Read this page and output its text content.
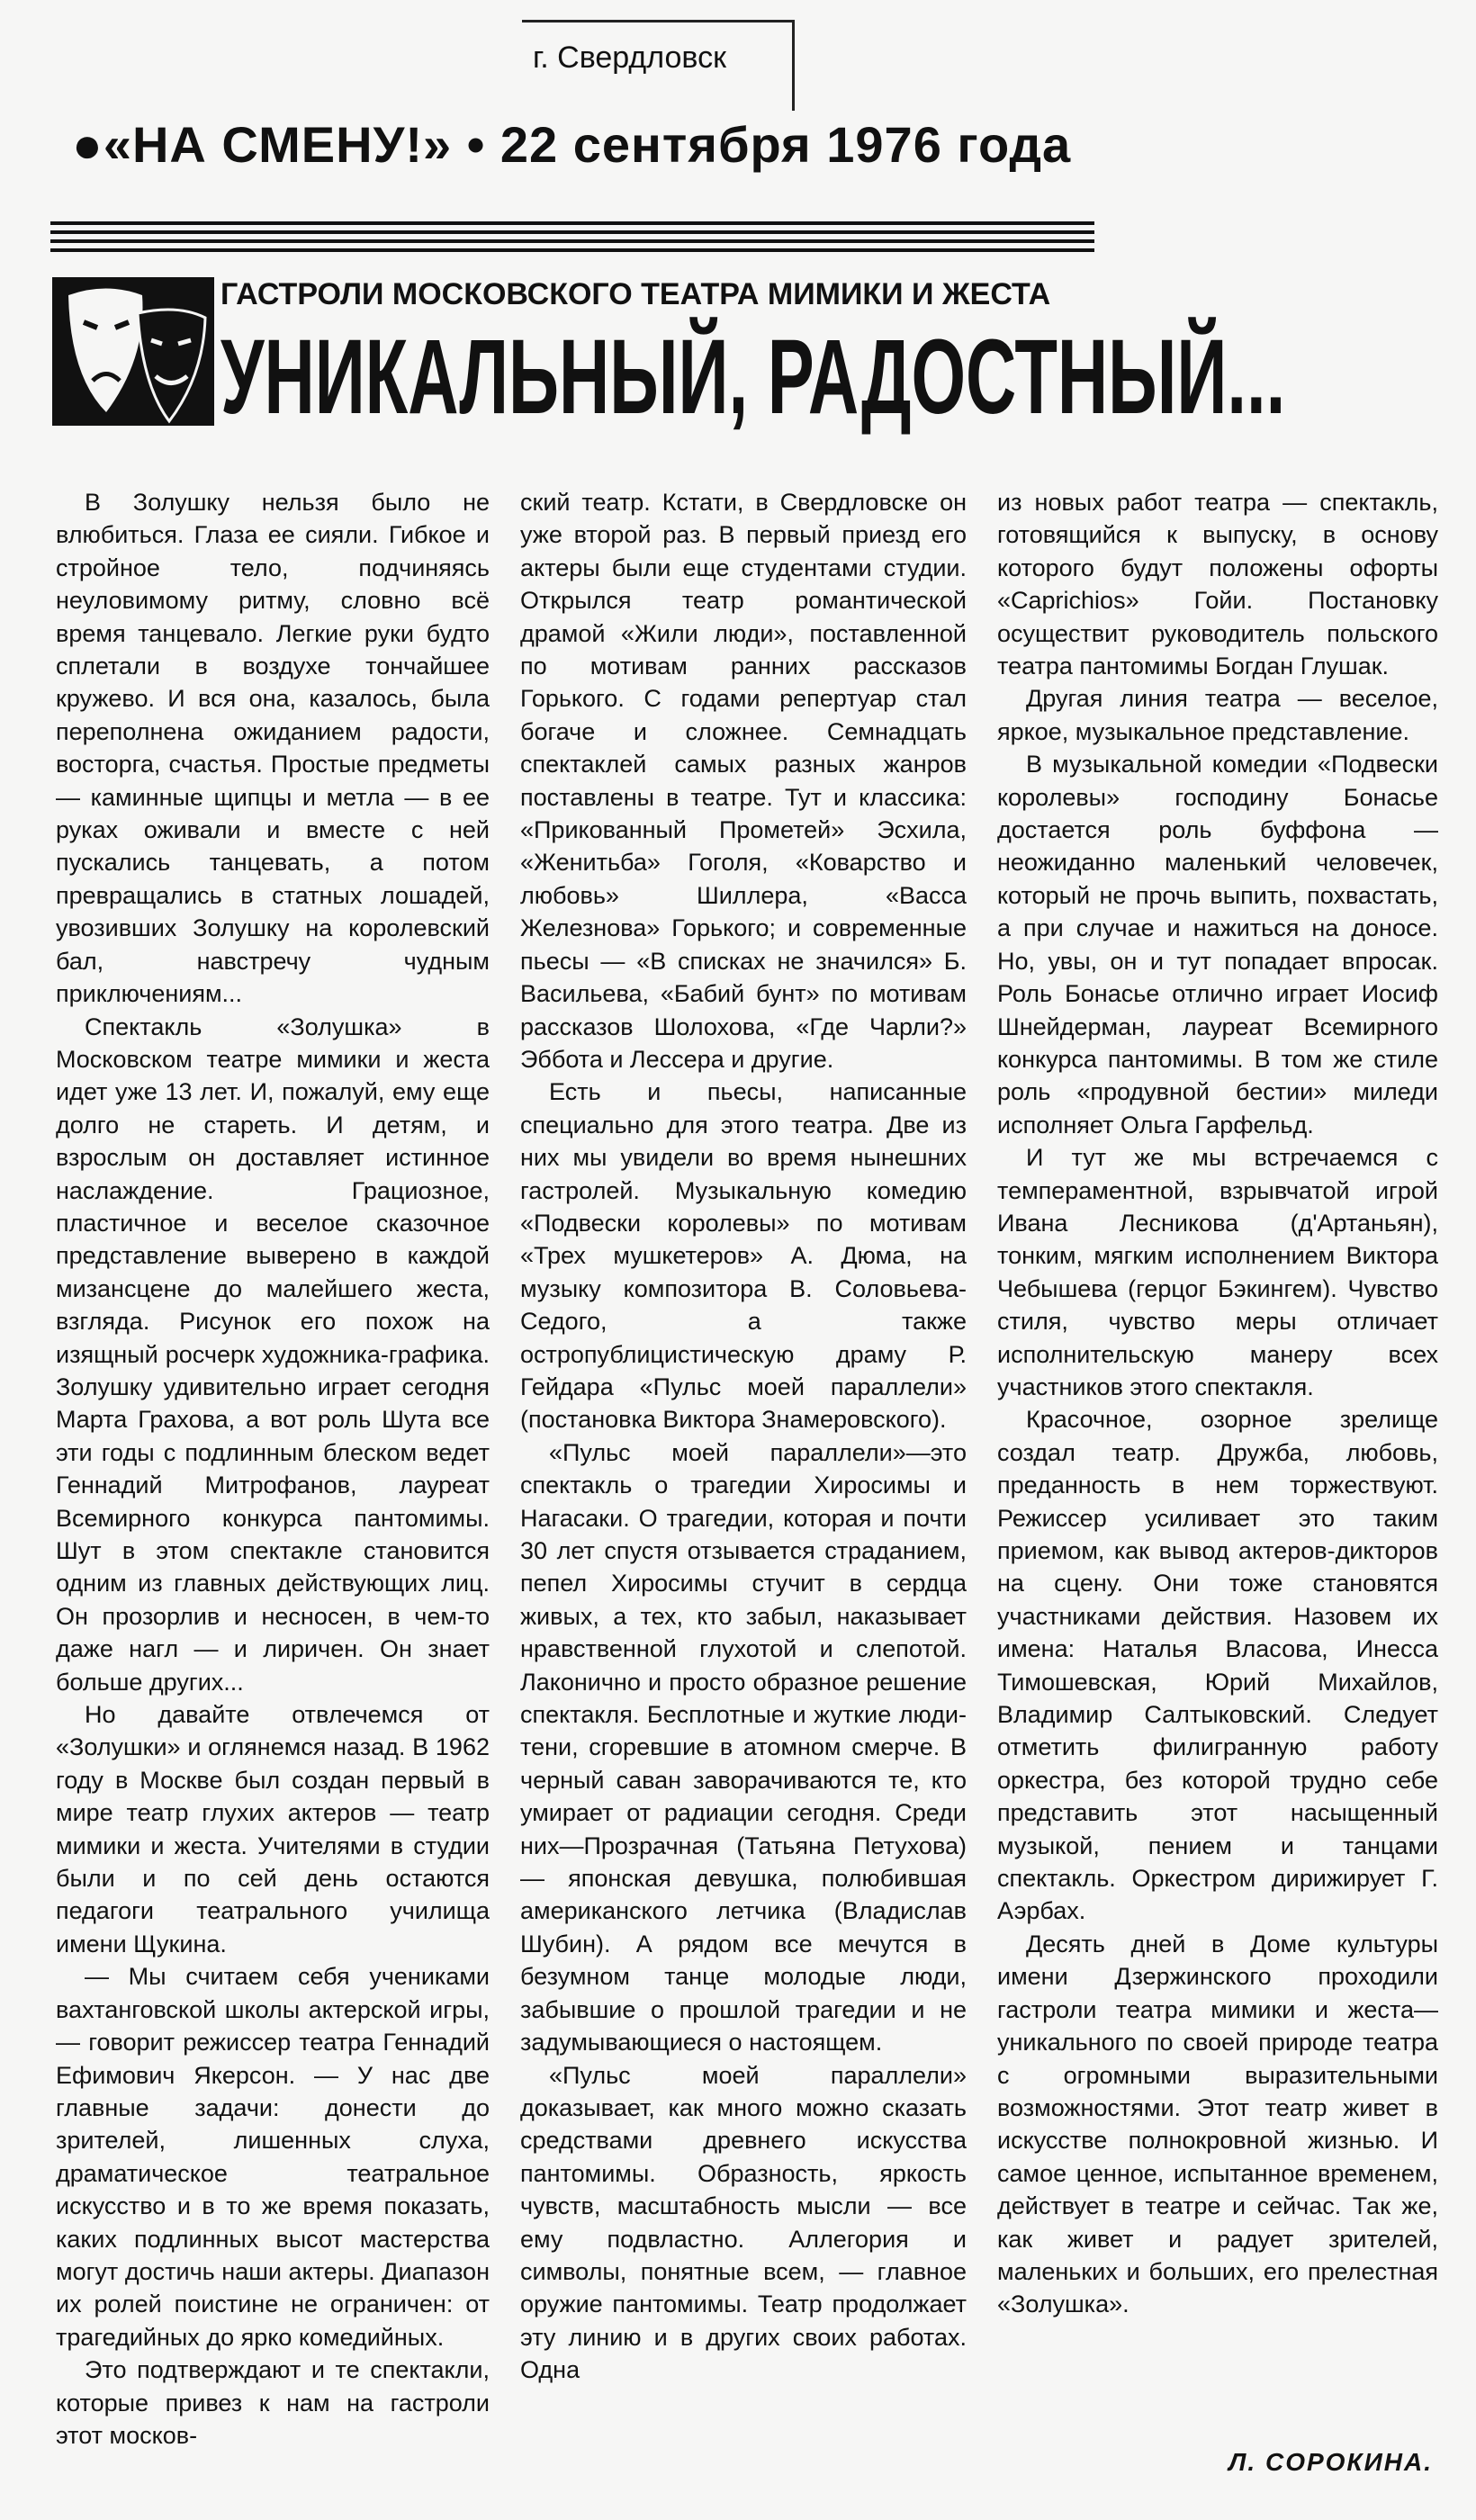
г. Свердловск
●«НА СМЕНУ!» • 22 сентября 1976 года
ГАСТРОЛИ МОСКОВСКОГО ТЕАТРА МИМИКИ И ЖЕСТА
УНИКАЛЬНЫЙ, РАДОСТНЫЙ...

В Золушку нельзя было не влюбиться. Глаза ее сияли. Гибкое и стройное тело, подчиняясь неуловимому ритму, словно всё время танцевало. Легкие руки будто сплетали в воздухе тончайшее кружево. И вся она, казалось, была переполнена ожиданием радости, восторга, счастья. Простые предметы — каминные щипцы и метла — в ее руках оживали и вместе с ней пускались танцевать, а потом превращались в статных лошадей, увозивших Золушку на королевский бал, навстречу чудным приключениям...

Спектакль «Золушка» в Московском театре мимики и жеста идет уже 13 лет. И, пожалуй, ему еще долго не стареть. И детям, и взрослым он доставляет истинное наслаждение. Грациозное, пластичное и веселое сказочное представление выверено в каждой мизансцене до малейшего жеста, взгляда. Рисунок его похож на изящный росчерк художника-графика. Золушку удивительно играет сегодня Марта Грахова, а вот роль Шута все эти годы с подлинным блеском ведет Геннадий Митрофанов, лауреат Всемирного конкурса пантомимы. Шут в этом спектакле становится одним из главных действующих лиц. Он прозорлив и несносен, в чем-то даже нагл — и лиричен. Он знает больше других...

Но давайте отвлечемся от «Золушки» и оглянемся назад. В 1962 году в Москве был создан первый в мире театр глухих актеров — театр мимики и жеста. Учителями в студии были и по сей день остаются педагоги театрального училища имени Щукина.

— Мы считаем себя учениками вахтанговской школы актерской игры, — говорит режиссер театра Геннадий Ефимович Якерсон. — У нас две главные задачи: донести до зрителей, лишенных слуха, драматическое театральное искусство и в то же время показать, каких подлинных высот мастерства могут достичь наши актеры. Диапазон их ролей поистине не ограничен: от трагедийных до ярко комедийных.

Это подтверждают и те спектакли, которые привез к нам на гастроли этот москов-

ский театр. Кстати, в Свердловске он уже второй раз. В первый приезд его актеры были еще студентами студии. Открылся театр романтической драмой «Жили люди», поставленной по мотивам ранних рассказов Горького. С годами репертуар стал богаче и сложнее. Семнадцать спектаклей самых разных жанров поставлены в театре. Тут и классика: «Прикованный Прометей» Эсхила, «Женитьба» Гоголя, «Коварство и любовь» Шиллера, «Васса Железнова» Горького; и современные пьесы — «В списках не значился» Б. Васильева, «Бабий бунт» по мотивам рассказов Шолохова, «Где Чарли?» Эббота и Лессера и другие.

Есть и пьесы, написанные специально для этого театра. Две из них мы увидели во время нынешних гастролей. Музыкальную комедию «Подвески королевы» по мотивам «Трех мушкетеров» А. Дюма, на музыку композитора В. Соловьева-Седого, а также остропублицистическую драму Р. Гейдара «Пульс моей параллели» (постановка Виктора Знамеровского).

«Пульс моей параллели»—это спектакль о трагедии Хиросимы и Нагасаки. О трагедии, которая и почти 30 лет спустя отзывается страданием, пепел Хиросимы стучит в сердца живых, а тех, кто забыл, наказывает нравственной глухотой и слепотой. Лаконично и просто образное решение спектакля. Бесплотные и жуткие люди-тени, сгоревшие в атомном смерче. В черный саван заворачиваются те, кто умирает от радиации сегодня. Среди них—Прозрачная (Татьяна Петухова) — японская девушка, полюбившая американского летчика (Владислав Шубин). А рядом все мечутся в безумном танце молодые люди, забывшие о прошлой трагедии и не задумывающиеся о настоящем.

«Пульс моей параллели» доказывает, как много можно сказать средствами древнего искусства пантомимы. Образность, яркость чувств, масштабность мысли — все ему подвластно. Аллегория и символы, понятные всем, — главное оружие пантомимы. Театр продолжает эту линию и в других своих работах. Одна

из новых работ театра — спектакль, готовящийся к выпуску, в основу которого будут положены офорты «Caprichios» Гойи. Постановку осуществит руководитель польского театра пантомимы Богдан Глушак.

Другая линия театра — веселое, яркое, музыкальное представление.

В музыкальной комедии «Подвески королевы» господину Бонасье достается роль буффона — неожиданно маленький человечек, который не прочь выпить, похвастать, а при случае и нажиться на доносе. Но, увы, он и тут попадает впросак. Роль Бонасье отлично играет Иосиф Шнейдерман, лауреат Всемирного конкурса пантомимы. В том же стиле роль «продувной бестии» миледи исполняет Ольга Гарфельд.

И тут же мы встречаемся с темпераментной, взрывчатой игрой Ивана Лесникова (д'Артаньян), тонким, мягким исполнением Виктора Чебышева (герцог Бэкингем). Чувство стиля, чувство меры отличает исполнительскую манеру всех участников этого спектакля.

Красочное, озорное зрелище создал театр. Дружба, любовь, преданность в нем торжествуют. Режиссер усиливает это таким приемом, как вывод актеров-дикторов на сцену. Они тоже становятся участниками действия. Назовем их имена: Наталья Власова, Инесса Тимошевская, Юрий Михайлов, Владимир Салтыковский. Следует отметить филигранную работу оркестра, без которой трудно себе представить этот насыщенный музыкой, пением и танцами спектакль. Оркестром дирижирует Г. Аэрбах.

Десять дней в Доме культуры имени Дзержинского проходили гастроли театра мимики и жеста—уникального по своей природе театра с огромными выразительными возможностями. Этот театр живет в искусстве полнокровной жизнью. И самое ценное, испытанное временем, действует в театре и сейчас. Так же, как живет и радует зрителей, маленьких и больших, его прелестная «Золушка».

Л. СОРОКИНА.
